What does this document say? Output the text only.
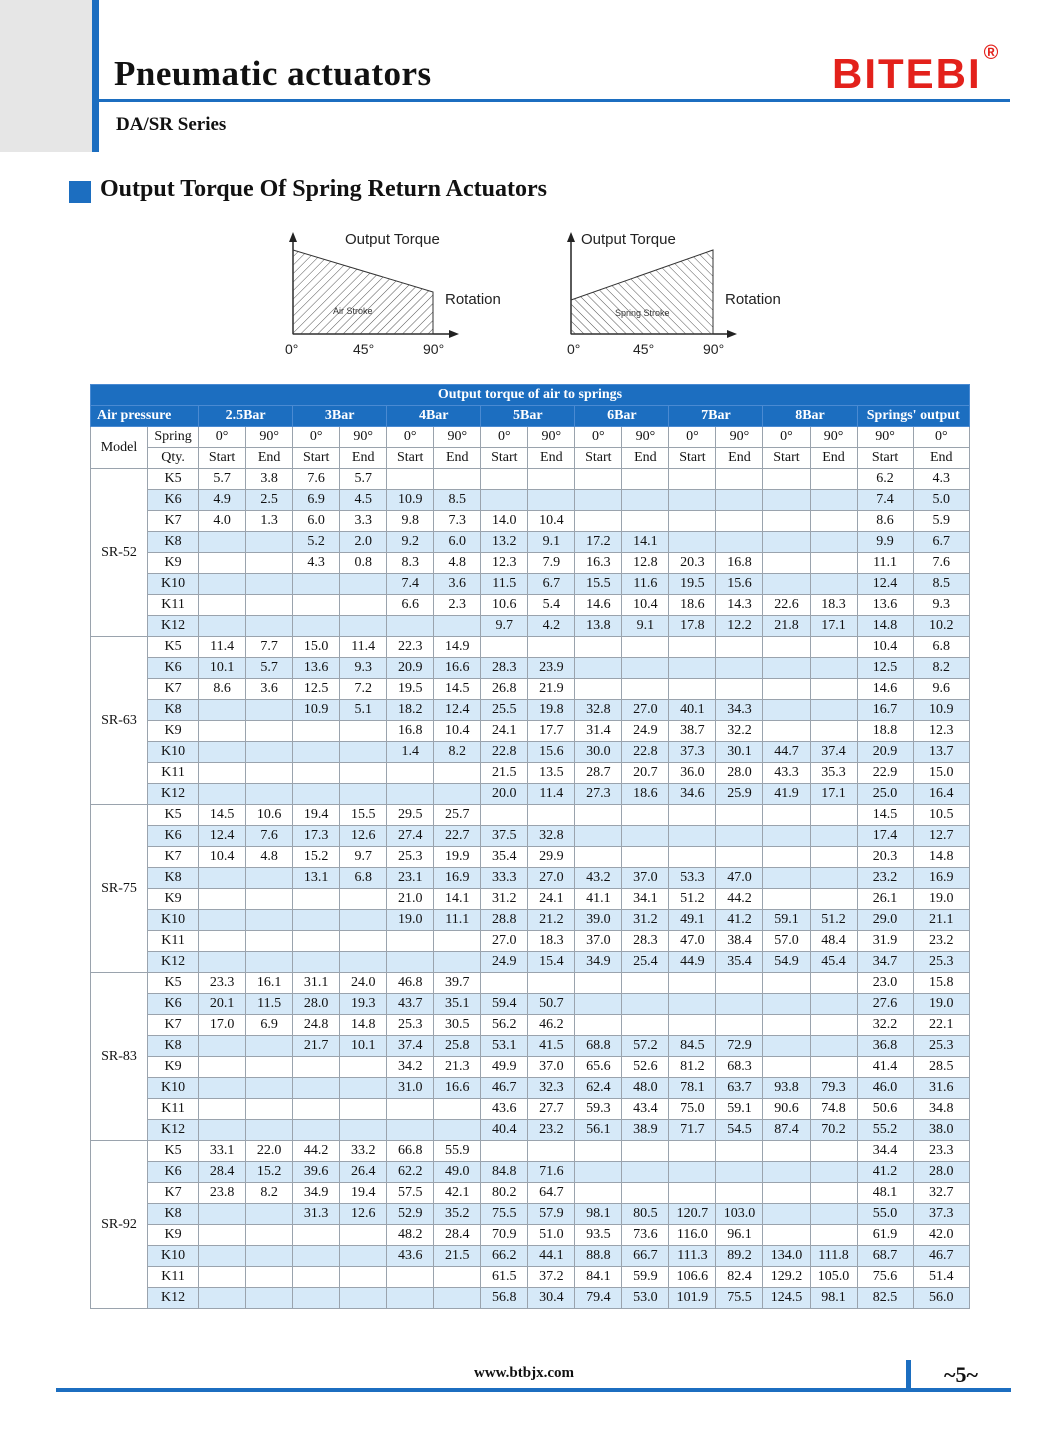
Pneumatic actuators	BITEBI ®
DA/SR Series
Output Torque Of Spring Return Actuators
Output Torque
Rotation
Air Stroke
0°	45°	90°
Output Torque
Rotation
Spring Stroke
0°	45°	90°
Output torque of air to springs																	
Air pressure		2.5Bar		3Bar		4Bar		5Bar		6Bar		7Bar		8Bar		Springs' output	
Model	Spring	0°	90°	0°	90°	0°	90°	0°	90°	0°	90°	0°	90°	0°	90°	90°	0°
	Qty.	Start	End	Start	End	Start	End	Start	End	Start	End	Start	End	Start	End	Start	End
SR-52	K5	5.7	3.8	7.6	5.7											6.2	4.3
	K6	4.9	2.5	6.9	4.5	10.9	8.5									7.4	5.0
	K7	4.0	1.3	6.0	3.3	9.8	7.3	14.0	10.4							8.6	5.9
	K8			5.2	2.0	9.2	6.0	13.2	9.1	17.2	14.1					9.9	6.7
	K9			4.3	0.8	8.3	4.8	12.3	7.9	16.3	12.8	20.3	16.8			11.1	7.6
	K10					7.4	3.6	11.5	6.7	15.5	11.6	19.5	15.6			12.4	8.5
	K11					6.6	2.3	10.6	5.4	14.6	10.4	18.6	14.3	22.6	18.3	13.6	9.3
	K12							9.7	4.2	13.8	9.1	17.8	12.2	21.8	17.1	14.8	10.2
SR-63	K5	11.4	7.7	15.0	11.4	22.3	14.9									10.4	6.8
	K6	10.1	5.7	13.6	9.3	20.9	16.6	28.3	23.9							12.5	8.2
	K7	8.6	3.6	12.5	7.2	19.5	14.5	26.8	21.9							14.6	9.6
	K8			10.9	5.1	18.2	12.4	25.5	19.8	32.8	27.0	40.1	34.3			16.7	10.9
	K9					16.8	10.4	24.1	17.7	31.4	24.9	38.7	32.2			18.8	12.3
	K10					1.4	8.2	22.8	15.6	30.0	22.8	37.3	30.1	44.7	37.4	20.9	13.7
	K11							21.5	13.5	28.7	20.7	36.0	28.0	43.3	35.3	22.9	15.0
	K12							20.0	11.4	27.3	18.6	34.6	25.9	41.9	17.1	25.0	16.4
SR-75	K5	14.5	10.6	19.4	15.5	29.5	25.7									14.5	10.5
	K6	12.4	7.6	17.3	12.6	27.4	22.7	37.5	32.8							17.4	12.7
	K7	10.4	4.8	15.2	9.7	25.3	19.9	35.4	29.9							20.3	14.8
	K8			13.1	6.8	23.1	16.9	33.3	27.0	43.2	37.0	53.3	47.0			23.2	16.9
	K9					21.0	14.1	31.2	24.1	41.1	34.1	51.2	44.2			26.1	19.0
	K10					19.0	11.1	28.8	21.2	39.0	31.2	49.1	41.2	59.1	51.2	29.0	21.1
	K11							27.0	18.3	37.0	28.3	47.0	38.4	57.0	48.4	31.9	23.2
	K12							24.9	15.4	34.9	25.4	44.9	35.4	54.9	45.4	34.7	25.3
SR-83	K5	23.3	16.1	31.1	24.0	46.8	39.7									23.0	15.8
	K6	20.1	11.5	28.0	19.3	43.7	35.1	59.4	50.7							27.6	19.0
	K7	17.0	6.9	24.8	14.8	25.3	30.5	56.2	46.2							32.2	22.1
	K8			21.7	10.1	37.4	25.8	53.1	41.5	68.8	57.2	84.5	72.9			36.8	25.3
	K9					34.2	21.3	49.9	37.0	65.6	52.6	81.2	68.3			41.4	28.5
	K10					31.0	16.6	46.7	32.3	62.4	48.0	78.1	63.7	93.8	79.3	46.0	31.6
	K11							43.6	27.7	59.3	43.4	75.0	59.1	90.6	74.8	50.6	34.8
	K12							40.4	23.2	56.1	38.9	71.7	54.5	87.4	70.2	55.2	38.0
SR-92	K5	33.1	22.0	44.2	33.2	66.8	55.9									34.4	23.3
	K6	28.4	15.2	39.6	26.4	62.2	49.0	84.8	71.6							41.2	28.0
	K7	23.8	8.2	34.9	19.4	57.5	42.1	80.2	64.7							48.1	32.7
	K8			31.3	12.6	52.9	35.2	75.5	57.9	98.1	80.5	120.7	103.0			55.0	37.3
	K9					48.2	28.4	70.9	51.0	93.5	73.6	116.0	96.1			61.9	42.0
	K10					43.6	21.5	66.2	44.1	88.8	66.7	111.3	89.2	134.0	111.8	68.7	46.7
	K11							61.5	37.2	84.1	59.9	106.6	82.4	129.2	105.0	75.6	51.4
	K12							56.8	30.4	79.4	53.0	101.9	75.5	124.5	98.1	82.5	56.0
www.btbjx.com	~5~
